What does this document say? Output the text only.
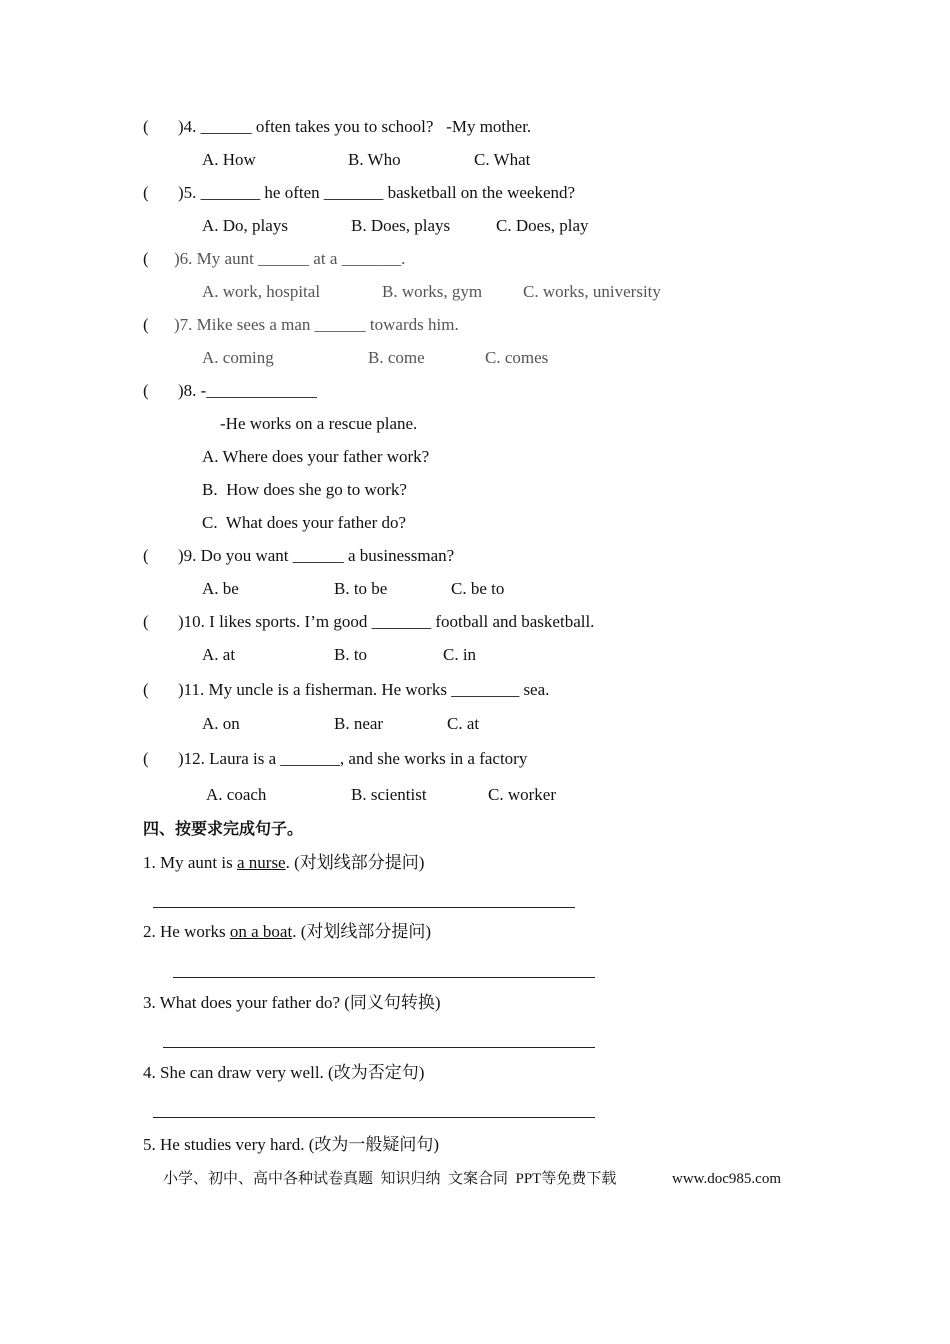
( )4. ______ often takes you to school?   -My mother.
A. How	B. Who	C. What
( )5. _______ he often _______ basketball on the weekend?
A. Do, plays	B. Does, plays	C. Does, play
( )6. My aunt ______ at a _______.
A. work, hospital	B. works, gym C. works, university
( )7. Mike sees a man ______ towards him.
A. coming	B. come	C. comes
( )8. -_____________
-He works on a rescue plane.
A. Where does your father work?
B.  How does she go to work?
C.  What does your father do?
( )9. Do you want ______ a businessman?
A. be	B. to be	C. be to
( )10. I likes sports. I’m good _______ football and basketball.
A. at	B. to	C. in
( )11. My uncle is a fisherman. He works ________ sea.
A. on	B. near	C. at
( )12. Laura is a _______, and she works in a factory
A. coach	B. scientist	C. worker
四、按要求完成句子。
1. My aunt is a nurse. (对划线部分提问)
2. He works on a boat. (对划线部分提问)
3. What does your father do? (同义句转换)
4. She can draw very well. (改为否定句)
5. He studies very hard. (改为一般疑问句)
小学、初中、高中各种试卷真题  知识归纳  文案合同  PPT等免费下载	www.doc985.com
